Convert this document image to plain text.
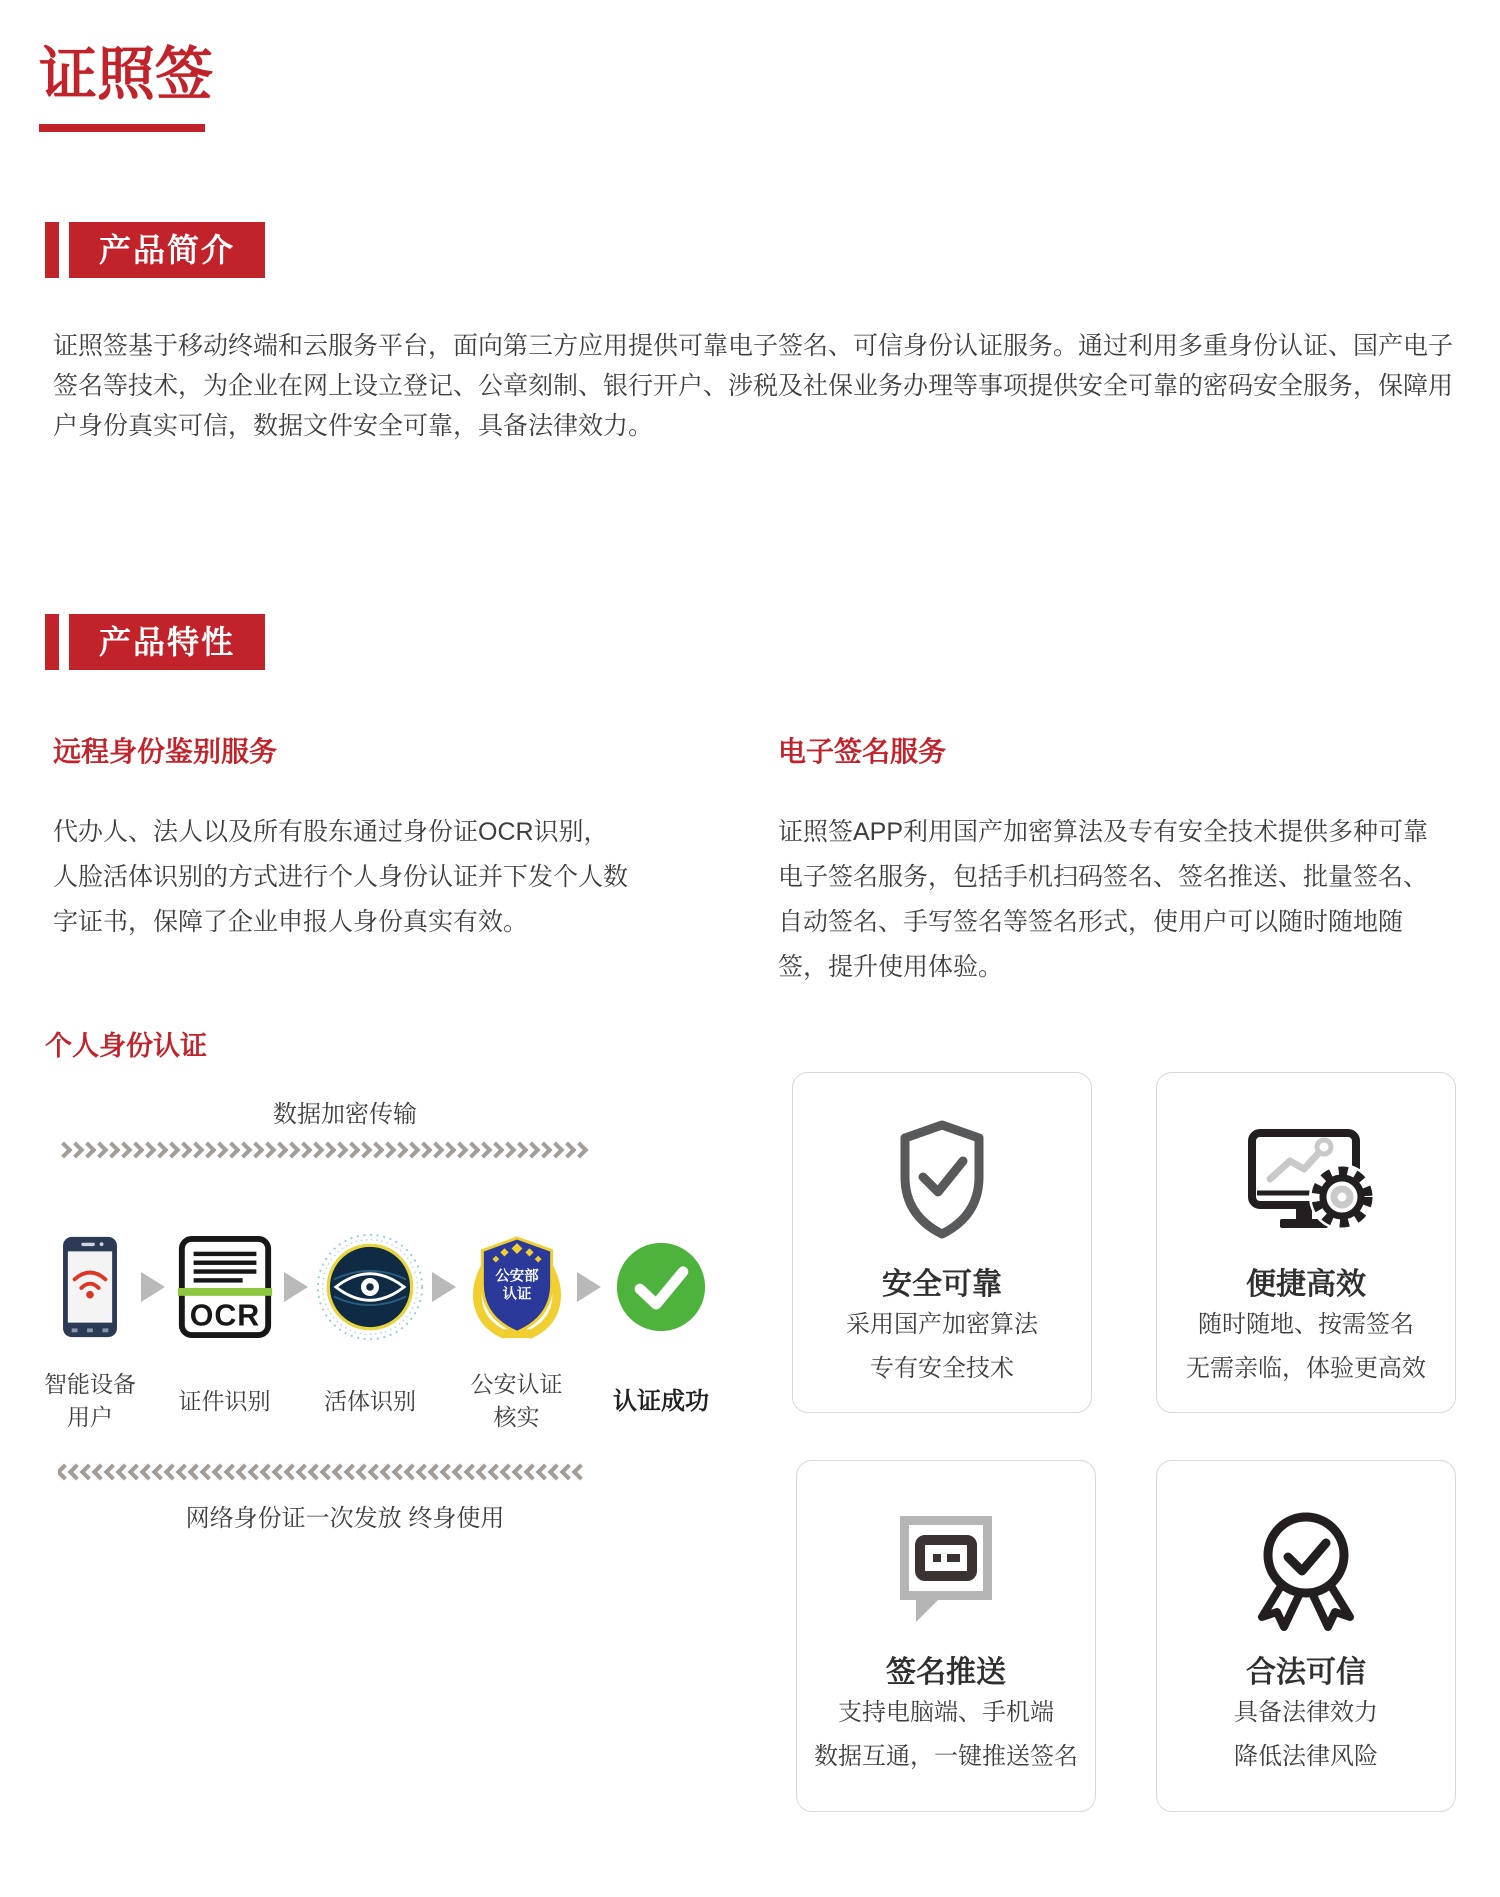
证照签
产品简介

证照签基于移动终端和云服务平台，面向第三方应用提供可靠电子签名、可信身份认证服务。通过利用多重身份认证、国产电子签名等技术，为企业在网上设立登记、公章刻制、银行开户、涉税及社保业务办理等事项提供安全可靠的密码安全服务，保障用户身份真实可信，数据文件安全可靠，具备法律效力。

产品特性
远程身份鉴别服务

代办人、法人以及所有股东通过身份证OCR识别，人脸活体识别的方式进行个人身份认证并下发个人数字证书，保障了企业申报人身份真实有效。

电子签名服务

证照签APP利用国产加密算法及专有安全技术提供多种可靠电子签名服务，包括手机扫码签名、签名推送、批量签名、自动签名、手写签名等签名形式，使用户可以随时随地随签，提升使用体验。

个人身份认证
数据加密传输
智能设备
用户
OCR
证件识别 活体识别
公安部
认证
公安认证
核实
认证成功
网络身份证一次发放 终身使用
安全可靠
采用国产加密算法
专有安全技术
便捷高效
随时随地、按需签名
无需亲临，体验更高效
签名推送
支持电脑端、手机端
数据互通，一键推送签名
合法可信
具备法律效力
降低法律风险
